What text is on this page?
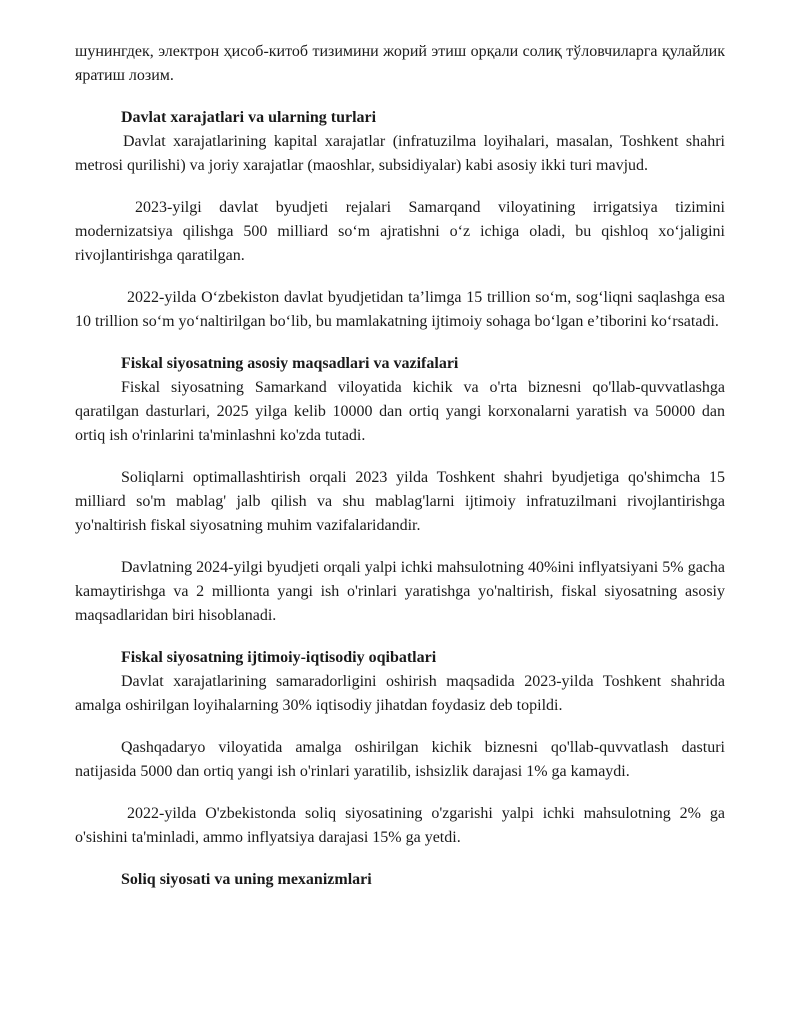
шунингдек, электрон ҳисоб-китоб тизимини жорий этиш орқали солиқ тўловчиларга қулайлик яратиш лозим.

Davlat xarajatlari va ularning turlari

Davlat xarajatlarining kapital xarajatlar (infratuzilma loyihalari, masalan, Toshkent shahri metrosi qurilishi) va joriy xarajatlar (maoshlar, subsidiyalar) kabi asosiy ikki turi mavjud.

2023-yilgi davlat byudjeti rejalari Samarqand viloyatining irrigatsiya tizimini modernizatsiya qilishga 500 milliard soʻm ajratishni oʻz ichiga oladi, bu qishloq xoʻjaligini rivojlantirishga qaratilgan.

2022-yilda Oʻzbekiston davlat byudjetidan taʼlimga 15 trillion soʻm, sogʻliqni saqlashga esa 10 trillion soʻm yoʻnaltirilgan boʻlib, bu mamlakatning ijtimoiy sohaga boʻlgan eʼtiborini koʻrsatadi.

Fiskal siyosatning asosiy maqsadlari va vazifalari

Fiskal siyosatning Samarkand viloyatida kichik va o'rta biznesni qo'llab-quvvatlashga qaratilgan dasturlari, 2025 yilga kelib 10000 dan ortiq yangi korxonalarni yaratish va 50000 dan ortiq ish o'rinlarini ta'minlashni ko'zda tutadi.

Soliqlarni optimallashtirish orqali 2023 yilda Toshkent shahri byudjetiga qo'shimcha 15 milliard so'm mablag' jalb qilish va shu mablag'larni ijtimoiy infratuzilmani rivojlantirishga yo'naltirish fiskal siyosatning muhim vazifalaridandir.

Davlatning 2024-yilgi byudjeti orqali yalpi ichki mahsulotning 40%ini inflyatsiyani 5% gacha kamaytirishga va 2 millionta yangi ish o'rinlari yaratishga yo'naltirish, fiskal siyosatning asosiy maqsadlaridan biri hisoblanadi.

Fiskal siyosatning ijtimoiy-iqtisodiy oqibatlari

Davlat xarajatlarining samaradorligini oshirish maqsadida 2023-yilda Toshkent shahrida amalga oshirilgan loyihalarning 30% iqtisodiy jihatdan foydasiz deb topildi.

Qashqadaryo viloyatida amalga oshirilgan kichik biznesni qo'llab-quvvatlash dasturi natijasida 5000 dan ortiq yangi ish o'rinlari yaratilib, ishsizlik darajasi 1% ga kamaydi.

2022-yilda O'zbekistonda soliq siyosatining o'zgarishi yalpi ichki mahsulotning 2% ga o'sishini ta'minladi, ammo inflyatsiya darajasi 15% ga yetdi.

Soliq siyosati va uning mexanizmlari
